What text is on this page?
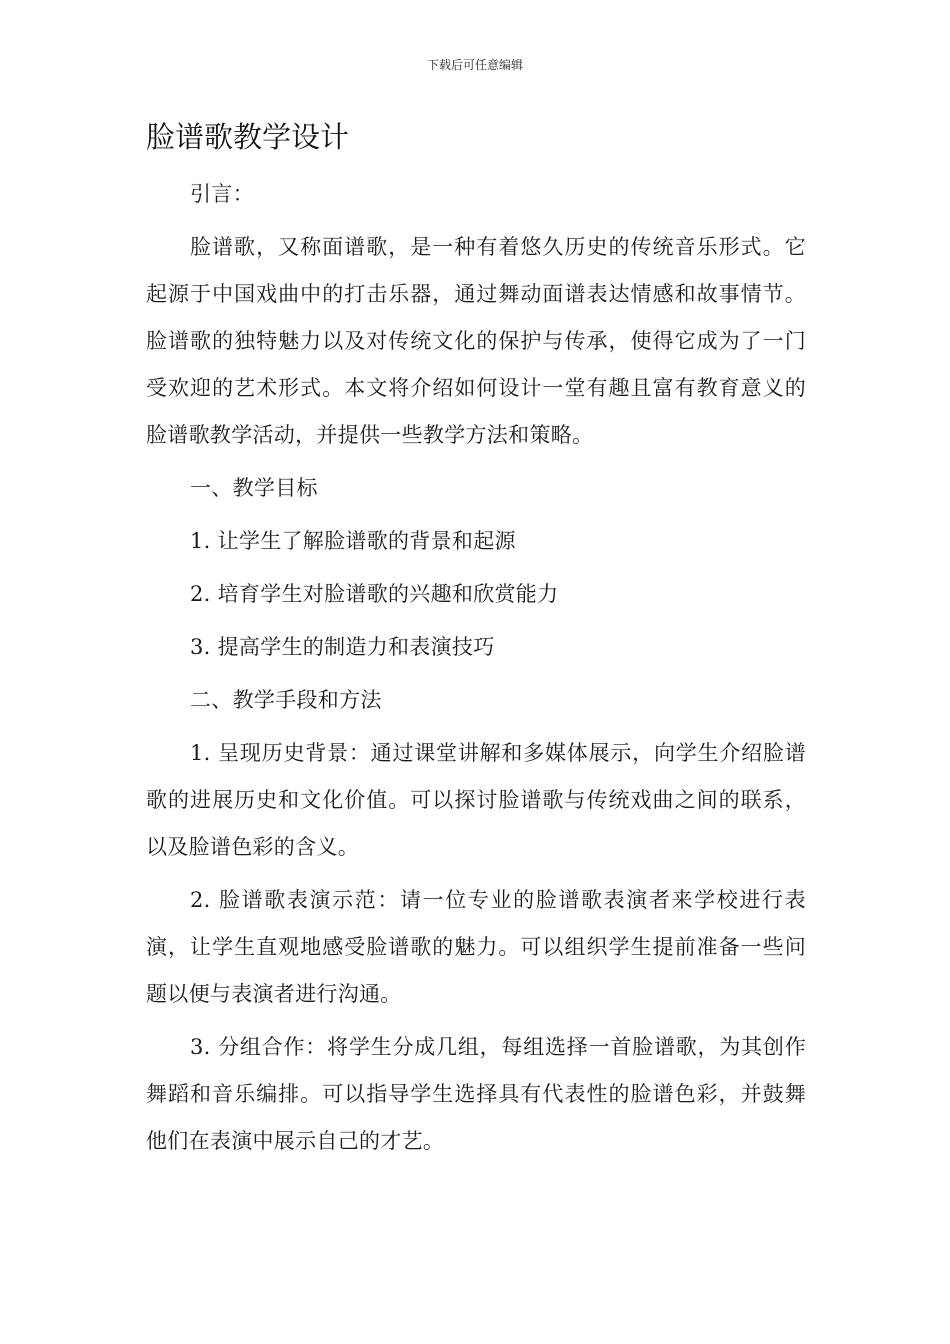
下载后可任意编辑
脸谱歌教学设计

引言：

脸谱歌，又称面谱歌，是一种有着悠久历史的传统音乐形式。它起源于中国戏曲中的打击乐器，通过舞动面谱表达情感和故事情节。脸谱歌的独特魅力以及对传统文化的保护与传承，使得它成为了一门受欢迎的艺术形式。本文将介绍如何设计一堂有趣且富有教育意义的脸谱歌教学活动，并提供一些教学方法和策略。

一、教学目标

1. 让学生了解脸谱歌的背景和起源

2. 培育学生对脸谱歌的兴趣和欣赏能力

3. 提高学生的制造力和表演技巧

二、教学手段和方法

1. 呈现历史背景：通过课堂讲解和多媒体展示，向学生介绍脸谱歌的进展历史和文化价值。可以探讨脸谱歌与传统戏曲之间的联系，以及脸谱色彩的含义。

2. 脸谱歌表演示范：请一位专业的脸谱歌表演者来学校进行表演，让学生直观地感受脸谱歌的魅力。可以组织学生提前准备一些问题以便与表演者进行沟通。

3. 分组合作：将学生分成几组，每组选择一首脸谱歌，为其创作舞蹈和音乐编排。可以指导学生选择具有代表性的脸谱色彩，并鼓舞他们在表演中展示自己的才艺。
